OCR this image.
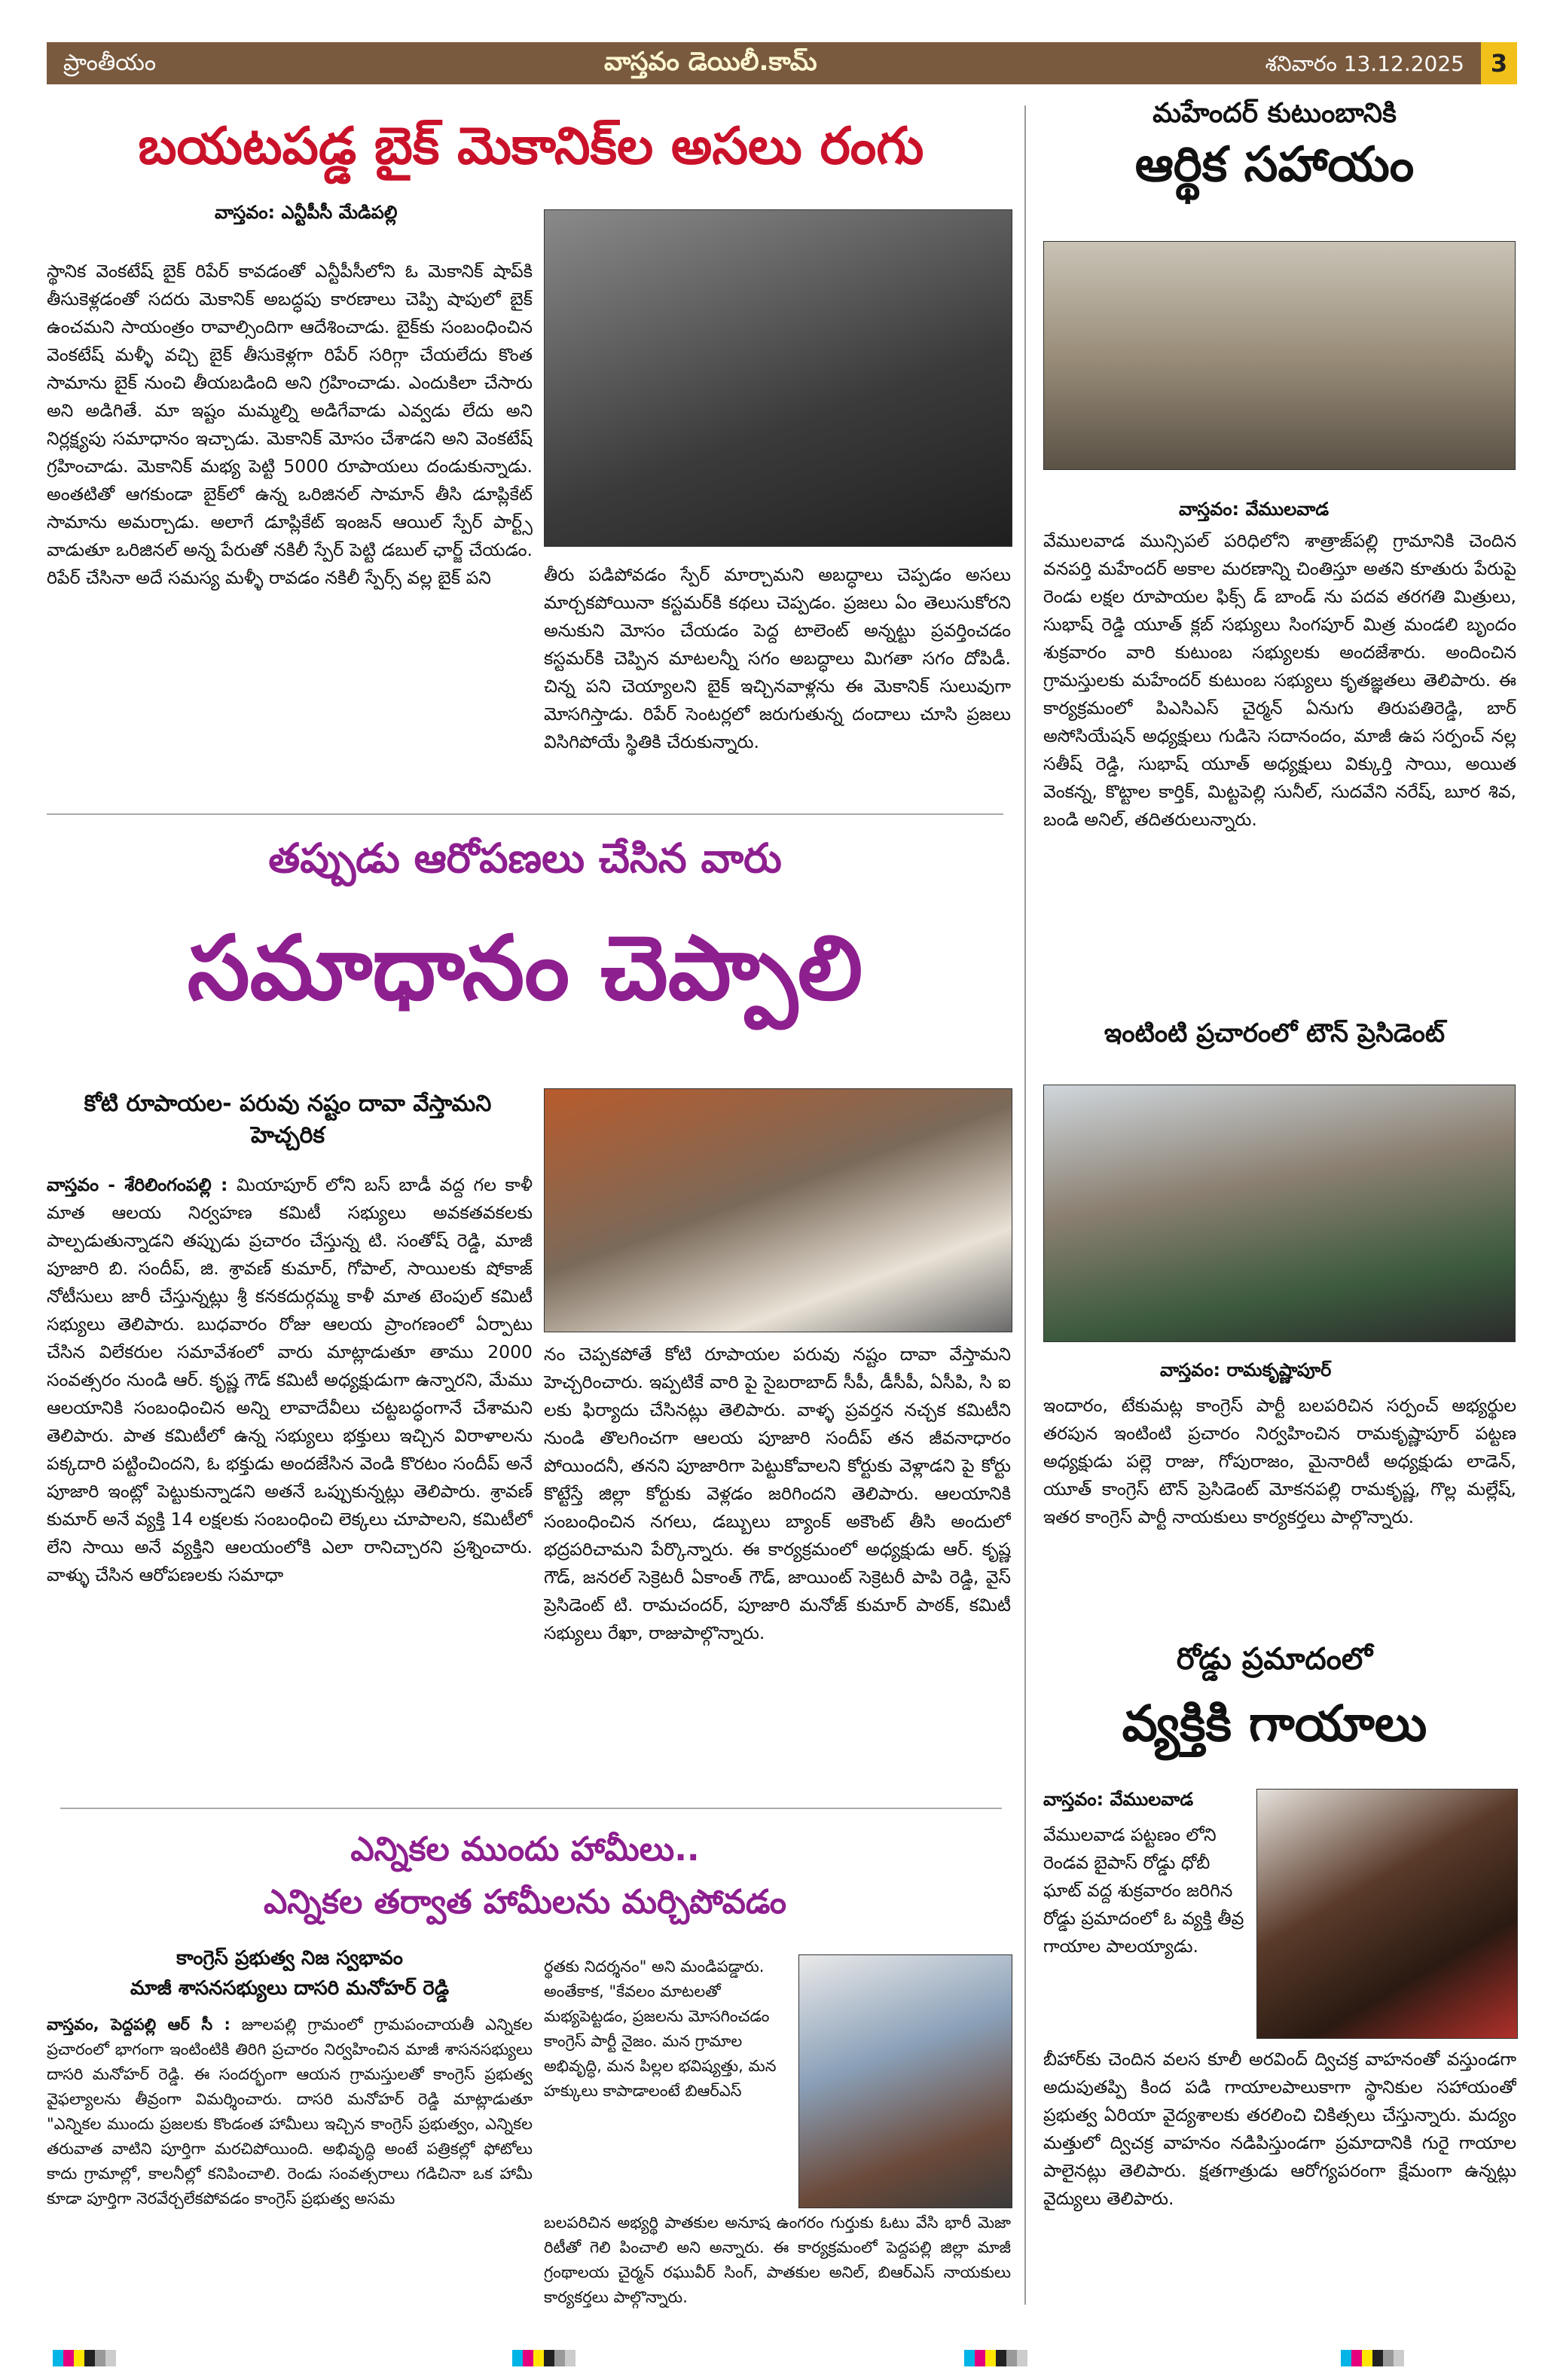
ప్రాంతీయం	వాస్తవం డెయిలీ.కామ్	శనివారం 13.12.2025	3
బయటపడ్డ బైక్ మెకానిక్‌ల అసలు రంగు
వాస్తవం: ఎన్టీపీసీ మేడిపల్లి
స్థానిక వెంకటేష్ బైక్ రిపేర్ కావడంతో ఎన్టీపీసీలోని ఓ మెకానిక్ షాప్‌కి తీసుకెళ్లడంతో సదరు మెకానిక్ అబద్ధపు కారణాలు చెప్పి షాపులో బైక్ ఉంచమని సాయంత్రం రావాల్సిందిగా ఆదేశించాడు. బైక్‌కు సంబంధించిన వెంకటేష్ మళ్ళీ వచ్చి బైక్ తీసుకెళ్లగా రిపేర్ సరిగ్గా చేయలేదు కొంత సామాను బైక్ నుంచి తీయబడింది అని గ్రహించాడు. ఎందుకిలా చేసారు అని అడిగితే. మా ఇష్టం మమ్మల్ని అడిగేవాడు ఎవ్వడు లేదు అని నిర్లక్ష్యపు సమాధానం ఇచ్చాడు. మెకానిక్ మోసం చేశాడని అని వెంకటేష్ గ్రహించాడు. మెకానిక్ మభ్య పెట్టి 5000 రూపాయలు దండుకున్నాడు. అంతటితో ఆగకుండా బైక్‌లో ఉన్న ఒరిజినల్ సామాన్ తీసి డూప్లికేట్ సామాను అమర్చాడు. అలాగే డూప్లికేట్ ఇంజన్ ఆయిల్ స్పేర్ పార్ట్స్ వాడుతూ ఒరిజినల్ అన్న పేరుతో నకిలీ స్పేర్ పెట్టి డబుల్ ఛార్జ్ చేయడం. రిపేర్ చేసినా అదే సమస్య మళ్ళీ రావడం నకిలీ స్పేర్స్ వల్ల బైక్ పని	తీరు పడిపోవడం స్పేర్ మార్చామని అబద్ధాలు చెప్పడం అసలు మార్చకపోయినా కస్టమర్‌కి కథలు చెప్పడం. ప్రజలు ఏం తెలుసుకోరని అనుకుని మోసం చేయడం పెద్ద టాలెంట్ అన్నట్టు ప్రవర్తించడం కస్టమర్‌కి చెప్పిన మాటలన్నీ సగం అబద్ధాలు మిగతా సగం దోపిడీ. చిన్న పని చెయ్యాలని బైక్ ఇచ్చినవాళ్లను ఈ మెకానిక్ సులువుగా మోసగిస్తాడు. రిపేర్ సెంటర్లలో జరుగుతున్న దందాలు చూసి ప్రజలు విసిగిపోయే స్థితికి చేరుకున్నారు.
మహేందర్ కుటుంబానికి
ఆర్థిక సహాయం
వాస్తవం: వేములవాడ
వేములవాడ మున్సిపల్ పరిధిలోని శాత్రాజ్‌పల్లి గ్రామానికి చెందిన వనపర్తి మహేందర్ అకాల మరణాన్ని చింతిస్తూ అతని కూతురు పేరుపై రెండు లక్షల రూపాయల ఫిక్స్ డ్ బాండ్ ను పదవ తరగతి మిత్రులు, సుభాష్ రెడ్డి యూత్ క్లబ్ సభ్యులు సింగపూర్ మిత్ర మండలి బృందం శుక్రవారం వారి కుటుంబ సభ్యులకు అందజేశారు. అందించిన గ్రామస్తులకు మహేందర్ కుటుంబ సభ్యులు కృతజ్ఞతలు తెలిపారు. ఈ కార్యక్రమంలో పిఎసిఎస్ చైర్మన్ ఏనుగు తిరుపతిరెడ్డి, బార్ అసోసియేషన్ అధ్యక్షులు గుడిసె సదానందం, మాజీ ఉప సర్పంచ్ నల్ల సతీష్ రెడ్డి, సుభాష్ యూత్ అధ్యక్షులు విక్కుర్తి సాయి, అయిత వెంకన్న, కొట్టాల కార్తిక్, మిట్టపెల్లి సునీల్, సుదవేని నరేష్, బూర శివ, బండి అనిల్, తదితరులున్నారు.
తప్పుడు ఆరోపణలు చేసిన వారు
సమాధానం చెప్పాలి
కోటి రూపాయల- పరువు నష్టం దావా వేస్తామని హెచ్చరిక
వాస్తవం - శేరిలింగంపల్లి : మియాపూర్ లోని బస్ బాడీ వద్ద గల కాళీ మాత ఆలయ నిర్వహణ కమిటీ సభ్యులు అవకతవకలకు పాల్పడుతున్నాడని తప్పుడు ప్రచారం చేస్తున్న టి. సంతోష్ రెడ్డి, మాజీ పూజారి బి. సందీప్, జి. శ్రావణ్ కుమార్, గోపాల్, సాయిలకు షోకాజ్ నోటీసులు జారీ చేస్తున్నట్లు శ్రీ కనకదుర్గమ్మ కాళీ మాత టెంపుల్ కమిటీ సభ్యులు తెలిపారు. బుధవారం రోజు ఆలయ ప్రాంగణంలో ఏర్పాటు చేసిన విలేకరుల సమావేశంలో వారు మాట్లాడుతూ తాము 2000 సంవత్సరం నుండి ఆర్. కృష్ణ గౌడ్ కమిటీ అధ్యక్షుడుగా ఉన్నారని, మేము ఆలయానికి సంబంధించిన అన్ని లావాదేవీలు చట్టబద్ధంగానే చేశామని తెలిపారు. పాత కమిటీలో ఉన్న సభ్యులు భక్తులు ఇచ్చిన విరాళాలను పక్కదారి పట్టించిందని, ఓ భక్తుడు అందజేసిన వెండి కొరటం సందీప్ అనే పూజారి ఇంట్లో పెట్టుకున్నాడని అతనే ఒప్పుకున్నట్లు తెలిపారు. శ్రావణ్ కుమార్ అనే వ్యక్తి 14 లక్షలకు సంబంధించి లెక్కలు చూపాలని, కమిటీలో లేని సాయి అనే వ్యక్తిని ఆలయంలోకి ఎలా రానిచ్చారని ప్రశ్నించారు. వాళ్ళు చేసిన ఆరోపణలకు సమాధా
నం చెప్పకపోతే కోటి రూపాయల పరువు నష్టం దావా వేస్తామని హెచ్చరించారు. ఇప్పటికే వారి పై సైబరాబాద్ సీపీ, డీసీపీ, ఏసీపి, సి ఐ లకు ఫిర్యాదు చేసినట్లు తెలిపారు. వాళ్ళ ప్రవర్తన నచ్చక కమిటీని నుండి తొలగించగా ఆలయ పూజారి సందీప్ తన జీవనాధారం పోయిందనీ, తనని పూజారిగా పెట్టుకోవాలని కోర్టుకు వెళ్లాడని పై కోర్టు కొట్టేస్తే జిల్లా కోర్టుకు వెళ్లడం జరిగిందని తెలిపారు. ఆలయానికి సంబంధించిన నగలు, డబ్బులు బ్యాంక్ అకౌంట్ తీసి అందులో భద్రపరిచామని పేర్కొన్నారు. ఈ కార్యక్రమంలో అధ్యక్షుడు ఆర్. కృష్ణ గౌడ్, జనరల్ సెక్రెటరీ ఏకాంత్ గౌడ్, జాయింట్ సెక్రెటరీ పాపి రెడ్డి, వైస్ ప్రెసిడెంట్ టి. రామచందర్, పూజారి మనోజ్ కుమార్ పాఠక్, కమిటీ సభ్యులు రేఖా, రాజుపాల్గొన్నారు.
ఇంటింటి ప్రచారంలో టౌన్ ప్రెసిడెంట్
వాస్తవం: రామకృష్ణాపూర్
ఇందారం, టేకుమట్ల కాంగ్రెస్ పార్టీ బలపరిచిన సర్పంచ్ అభ్యర్థుల తరపున ఇంటింటి ప్రచారం నిర్వహించిన రామకృష్ణాపూర్ పట్టణ అధ్యక్షుడు పల్లె రాజు, గోపురాజం, మైనారిటీ అధ్యక్షుడు లాడెన్, యూత్ కాంగ్రెస్ టౌన్ ప్రెసిడెంట్ మోకనపల్లి రామకృష్ణ, గొల్ల మల్లేష్, ఇతర కాంగ్రెస్ పార్టీ నాయకులు కార్యకర్తలు పాల్గొన్నారు.
రోడ్డు ప్రమాదంలో
వ్యక్తికి గాయాలు
వాస్తవం: వేములవాడ
వేములవాడ పట్టణం లోని రెండవ బైపాస్ రోడ్డు ధోబీ ఘాట్ వద్ద శుక్రవారం జరిగిన రోడ్డు ప్రమాదంలో ఓ వ్యక్తి తీవ్ర గాయాల పాలయ్యాడు.
బీహార్‌కు చెందిన వలస కూలీ అరవింద్ ద్విచక్ర వాహనంతో వస్తుండగా అదుపుతప్పి కింద పడి గాయాలపాలుకాగా స్థానికుల సహాయంతో ప్రభుత్వ ఏరియా వైద్యశాలకు తరలించి చికిత్సలు చేస్తున్నారు. మద్యం మత్తులో ద్విచక్ర వాహనం నడిపిస్తుండగా ప్రమాదానికి గురై గాయాల పాలైనట్లు తెలిపారు. క్షతగాత్రుడు ఆరోగ్యపరంగా క్షేమంగా ఉన్నట్లు వైద్యులు తెలిపారు.
ఎన్నికల ముందు హామీలు..
ఎన్నికల తర్వాత హామీలను మర్చిపోవడం
కాంగ్రెస్ ప్రభుత్వ నిజ స్వభావం
మాజీ శాసనసభ్యులు దాసరి మనోహర్ రెడ్డి
వాస్తవం, పెద్దపల్లి ఆర్ సీ : జూలపల్లి గ్రామంలో గ్రామపంచాయతీ ఎన్నికల ప్రచారంలో భాగంగా ఇంటింటికి తిరిగి ప్రచారం నిర్వహించిన మాజీ శాసనసభ్యులు దాసరి మనోహర్ రెడ్డి. ఈ సందర్భంగా ఆయన గ్రామస్తులతో కాంగ్రెస్ ప్రభుత్వ వైఫల్యాలను తీవ్రంగా విమర్శించారు. దాసరి మనోహర్ రెడ్డి మాట్లాడుతూ "ఎన్నికల ముందు ప్రజలకు కొండంత హామీలు ఇచ్చిన కాంగ్రెస్ ప్రభుత్వం, ఎన్నికల తరువాత వాటిని పూర్తిగా మరచిపోయింది. అభివృద్ధి అంటే పత్రికల్లో ఫోటోలు కాదు గ్రామాల్లో, కాలనీల్లో కనిపించాలి. రెండు సంవత్సరాలు గడిచినా ఒక హామీ కూడా పూర్తిగా నెరవేర్చలేకపోవడం కాంగ్రెస్ ప్రభుత్వ అసమ
ర్థతకు నిదర్శనం" అని మండిపడ్డారు. అంతేకాక, "కేవలం మాటలతో మభ్యపెట్టడం, ప్రజలను మోసగించడం కాంగ్రెస్ పార్టీ నైజం. మన గ్రామాల అభివృద్ధి, మన పిల్లల భవిష్యత్తు, మన హక్కులు కాపాడాలంటే బిఆర్ఎస్
బలపరిచిన అభ్యర్థి పాతకుల అనూష ఉంగరం గుర్తుకు ఓటు వేసి భారీ మెజా రిటీతో గెలి పించాలి అని అన్నారు. ఈ కార్యక్రమంలో పెద్దపల్లి జిల్లా మాజీ గ్రంథాలయ చైర్మన్ రఘువీర్ సింగ్, పాతకుల అనిల్, బిఆర్ఎస్ నాయకులు కార్యకర్తలు పాల్గొన్నారు.
